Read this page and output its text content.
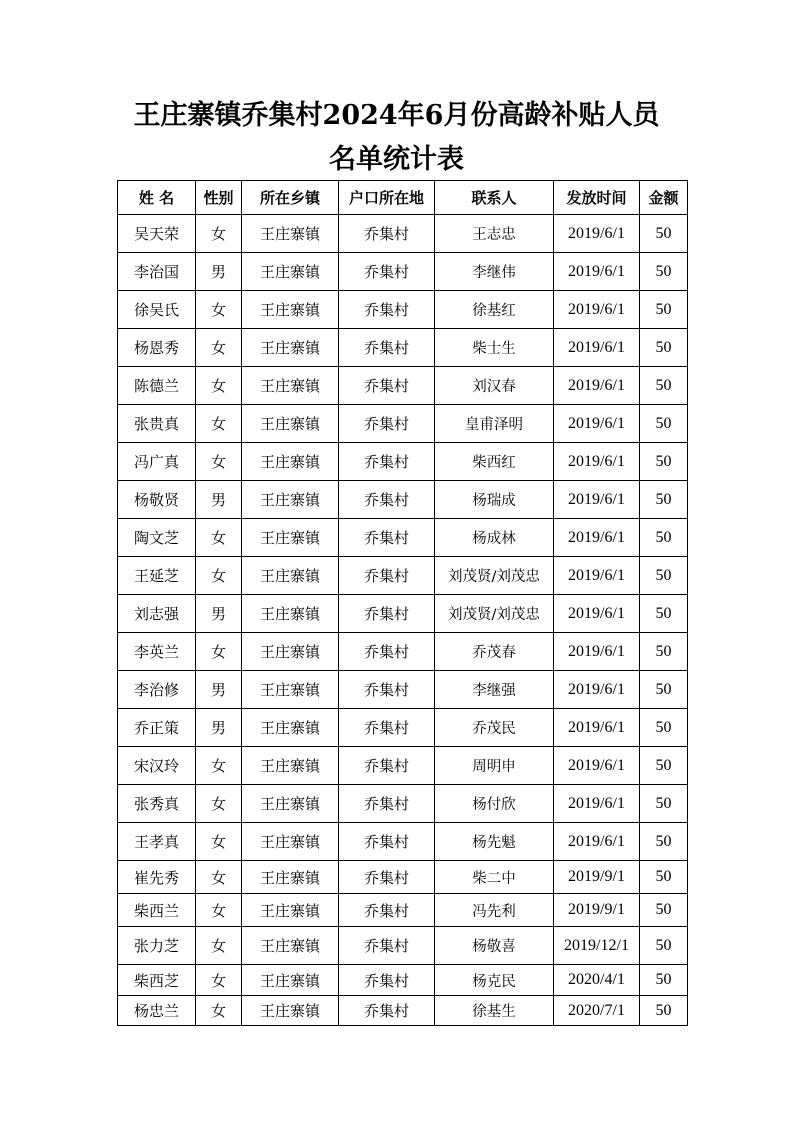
王庄寨镇乔集村2024年6月份高龄补贴人员
名单统计表
姓 名	性别	所在乡镇	户口所在地	联系人	发放时间	金额
吴天荣	女	王庄寨镇	乔集村	王志忠	2019/6/1	50
李治国	男	王庄寨镇	乔集村	李继伟	2019/6/1	50
徐吴氏	女	王庄寨镇	乔集村	徐基红	2019/6/1	50
杨恩秀	女	王庄寨镇	乔集村	柴士生	2019/6/1	50
陈德兰	女	王庄寨镇	乔集村	刘汉春	2019/6/1	50
张贵真	女	王庄寨镇	乔集村	皇甫泽明	2019/6/1	50
冯广真	女	王庄寨镇	乔集村	柴西红	2019/6/1	50
杨敬贤	男	王庄寨镇	乔集村	杨瑞成	2019/6/1	50
陶文芝	女	王庄寨镇	乔集村	杨成林	2019/6/1	50
王延芝	女	王庄寨镇	乔集村	刘茂贤/刘茂忠	2019/6/1	50
刘志强	男	王庄寨镇	乔集村	刘茂贤/刘茂忠	2019/6/1	50
李英兰	女	王庄寨镇	乔集村	乔茂春	2019/6/1	50
李治修	男	王庄寨镇	乔集村	李继强	2019/6/1	50
乔正策	男	王庄寨镇	乔集村	乔茂民	2019/6/1	50
宋汉玲	女	王庄寨镇	乔集村	周明申	2019/6/1	50
张秀真	女	王庄寨镇	乔集村	杨付欣	2019/6/1	50
王孝真	女	王庄寨镇	乔集村	杨先魁	2019/6/1	50
崔先秀	女	王庄寨镇	乔集村	柴二中	2019/9/1	50
柴西兰	女	王庄寨镇	乔集村	冯先利	2019/9/1	50
张力芝	女	王庄寨镇	乔集村	杨敬喜	2019/12/1	50
柴西芝	女	王庄寨镇	乔集村	杨克民	2020/4/1	50
杨忠兰	女	王庄寨镇	乔集村	徐基生	2020/7/1	50
